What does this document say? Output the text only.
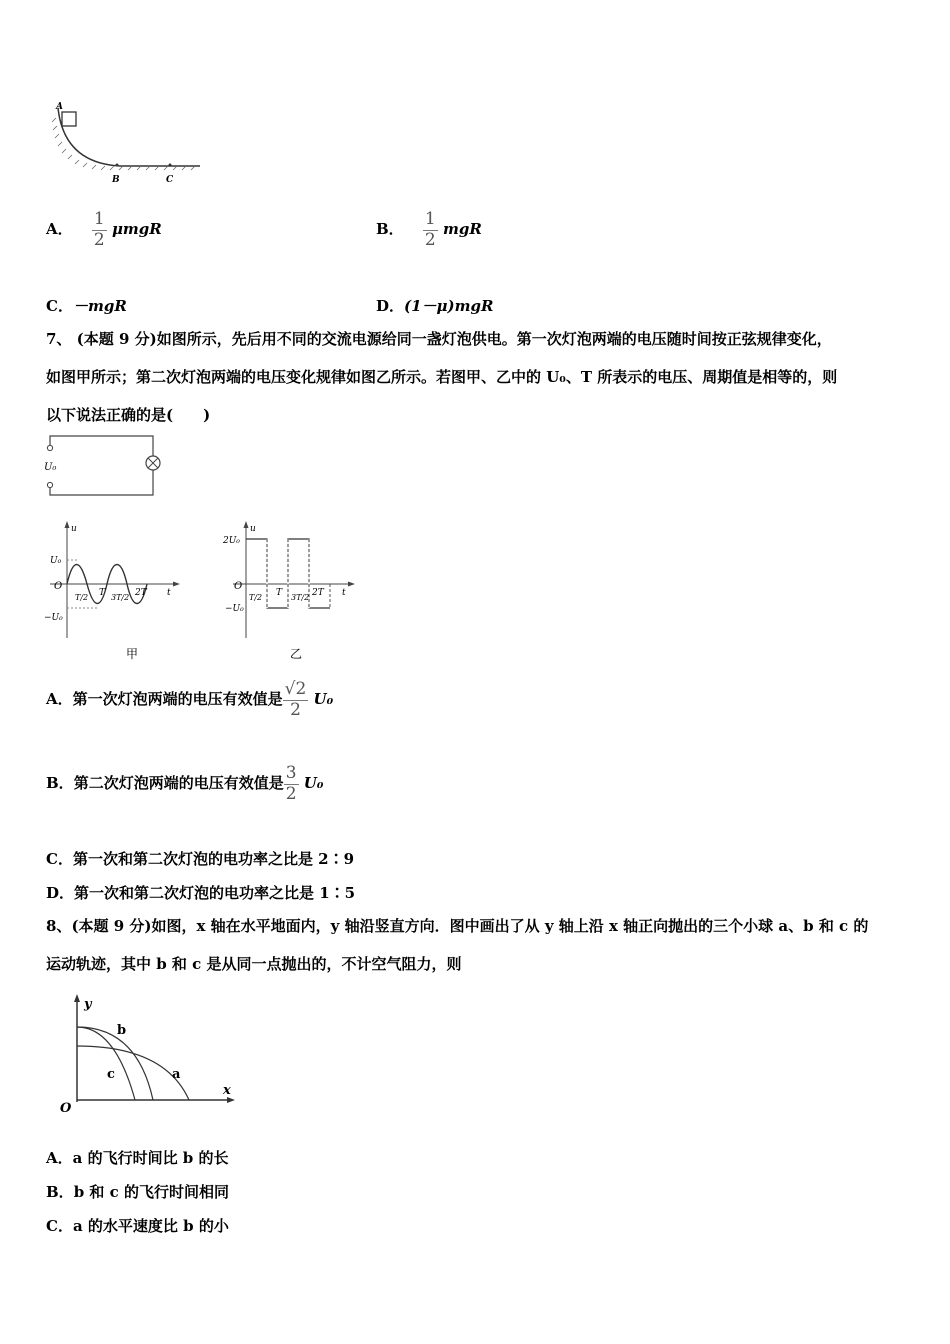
A
B	C
A． $\frac{1}{2}$ μmgR	B． $\frac{1}{2}$ mgR
C．－mgR	D．(1－μ)mgR
7、 (本题 9 分)如图所示，先后用不同的交流电源给同一盏灯泡供电。第一次灯泡两端的电压随时间按正弦规律变化，
如图甲所示；第二次灯泡两端的电压变化规律如图乙所示。若图甲、乙中的 U₀、T 所表示的电压、周期值是相等的，则
以下说法正确的是(　　)
U₀
u
t
O
U₀
−U₀
T/2 T 3T/2 2T
甲
u
t
O
2U₀
−U₀
T/2 T 3T/2 2T
乙
A．第一次灯泡两端的电压有效值是 $\frac{√2}{2} U_0$
B．第二次灯泡两端的电压有效值是 $\frac{3}{2} U_0$
C．第一次和第二次灯泡的电功率之比是 2∶9
D．第一次和第二次灯泡的电功率之比是 1∶5
8、(本题 9 分)如图，x 轴在水平地面内，y 轴沿竖直方向．图中画出了从 y 轴上沿 x 轴正向抛出的三个小球 a、b 和 c 的
运动轨迹，其中 b 和 c 是从同一点抛出的，不计空气阻力，则
y
x
O
b
c	a
A．a 的飞行时间比 b 的长
B．b 和 c 的飞行时间相同
C．a 的水平速度比 b 的小
